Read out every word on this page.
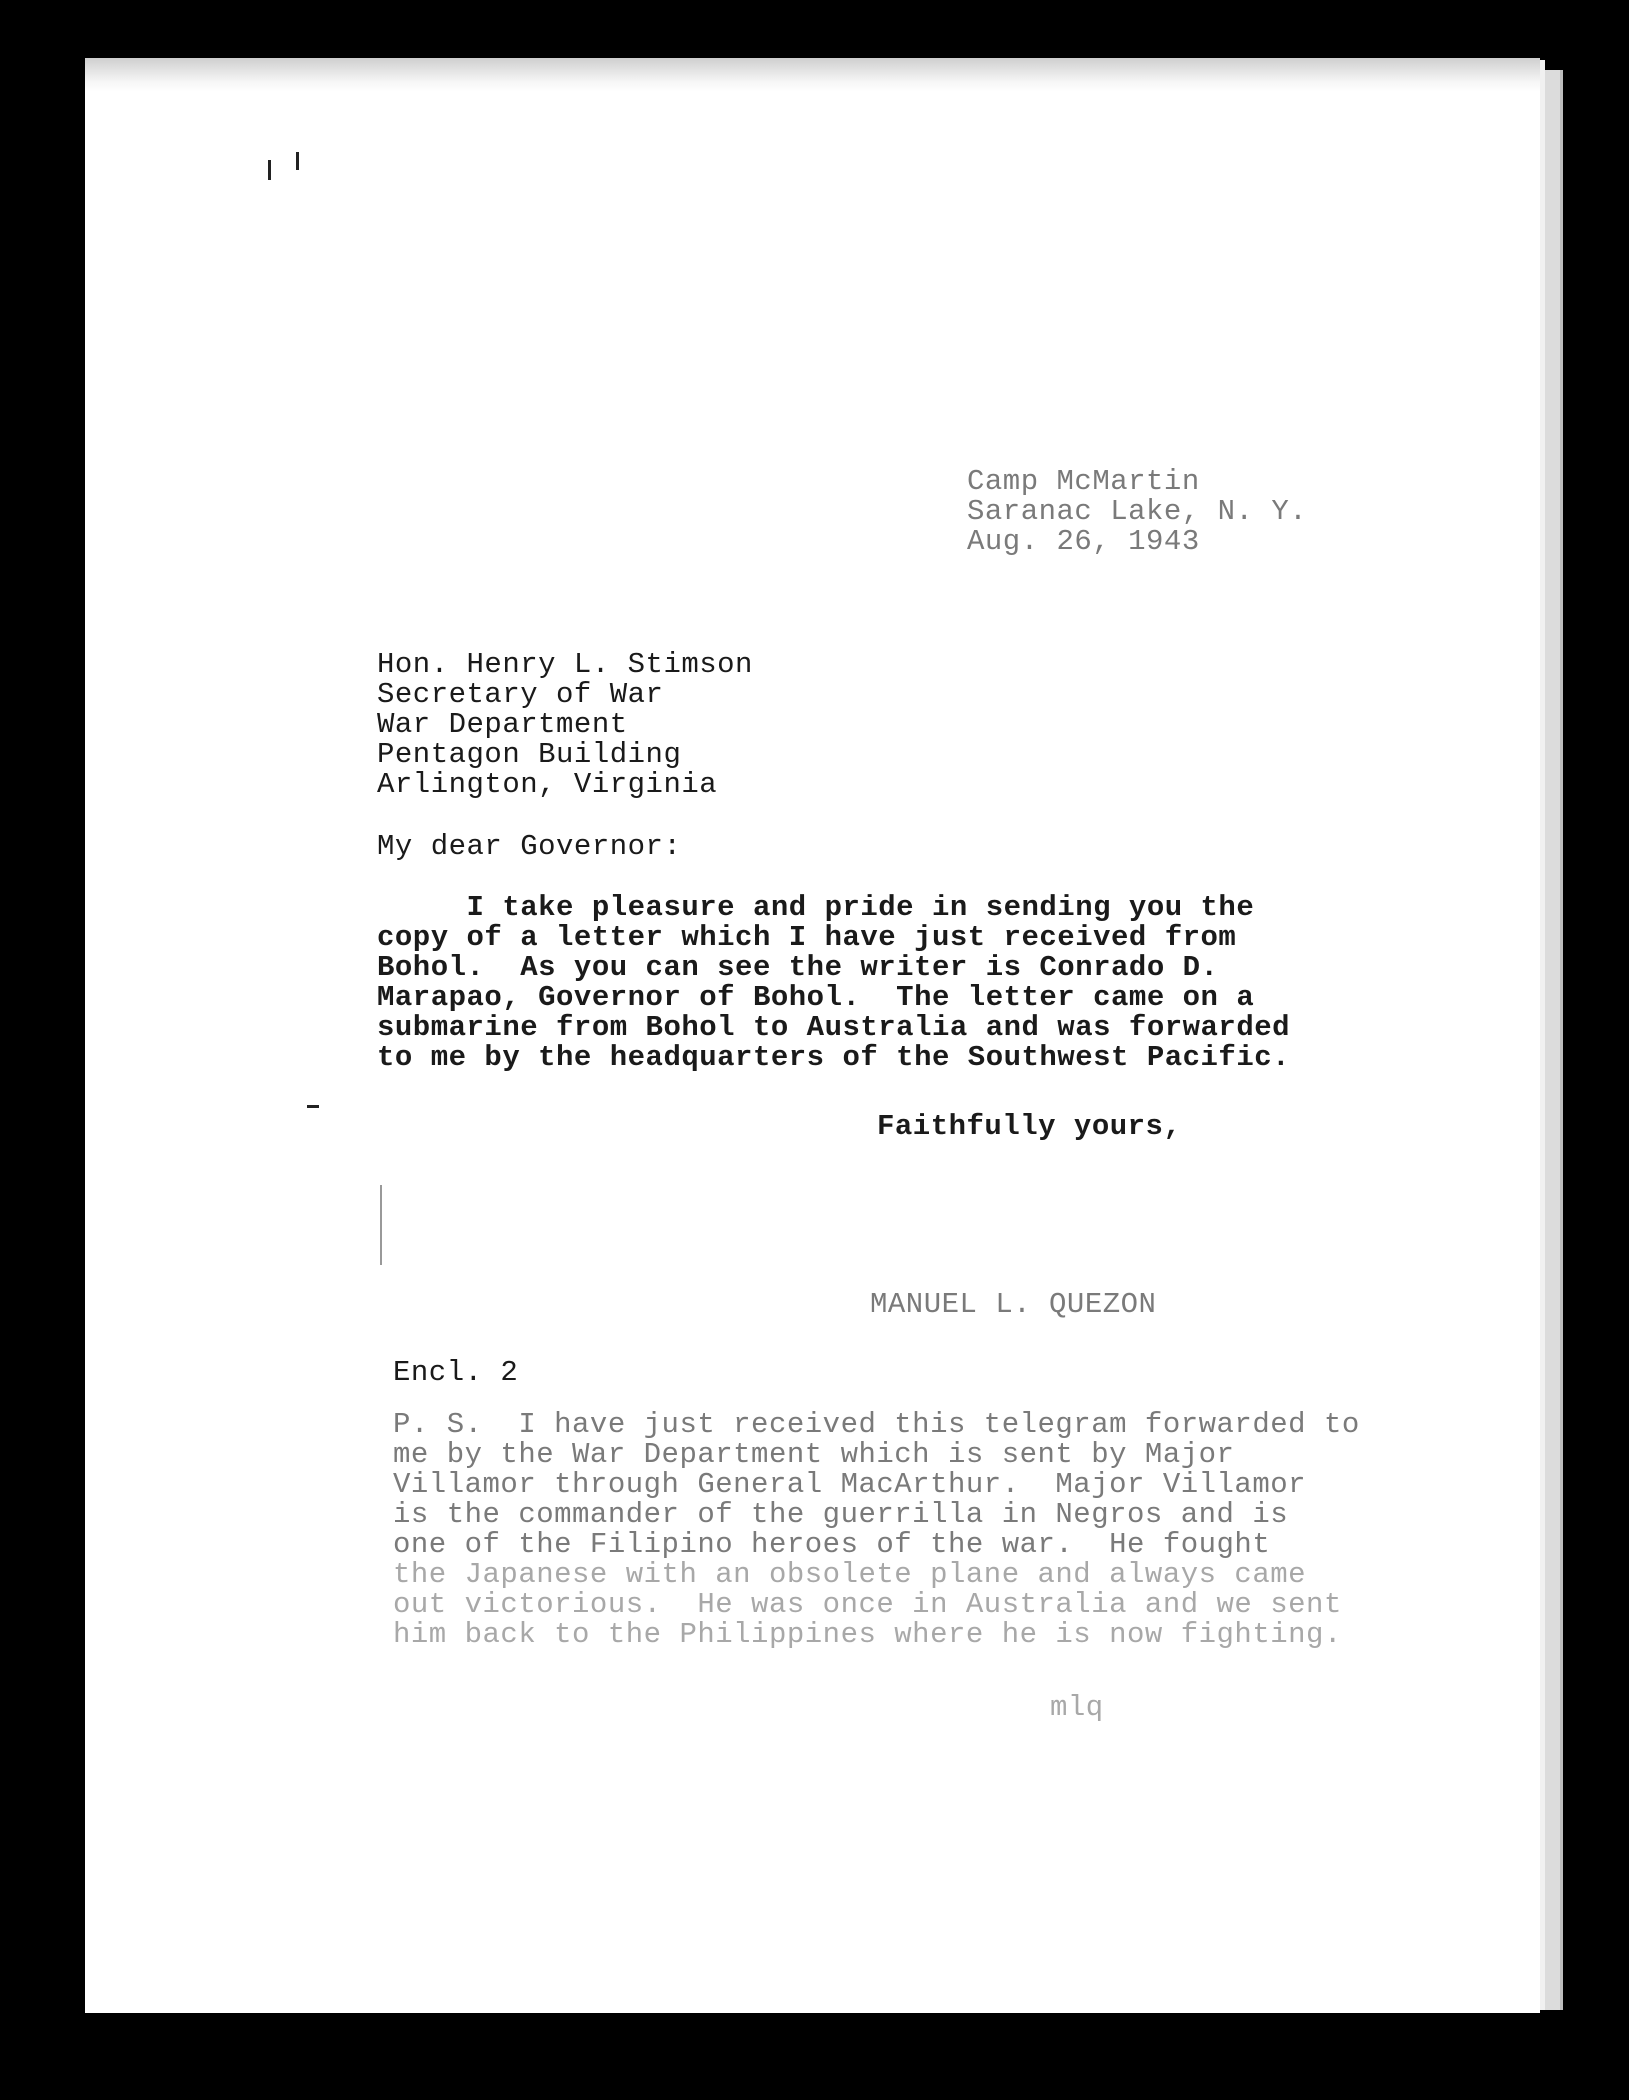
Camp McMartin
Saranac Lake, N. Y.
Aug. 26, 1943
Hon. Henry L. Stimson
Secretary of War
War Department
Pentagon Building
Arlington, Virginia
My dear Governor:
I take pleasure and pride in sending you the
copy of a letter which I have just received from
Bohol.  As you can see the writer is Conrado D.
Marapao, Governor of Bohol.  The letter came on a
submarine from Bohol to Australia and was forwarded
to me by the headquarters of the Southwest Pacific.
Faithfully yours,
MANUEL L. QUEZON
Encl. 2
P. S.  I have just received this telegram forwarded to
me by the War Department which is sent by Major
Villamor through General MacArthur.  Major Villamor
is the commander of the guerrilla in Negros and is
one of the Filipino heroes of the war.  He fought
the Japanese with an obsolete plane and always came
out victorious.  He was once in Australia and we sent
him back to the Philippines where he is now fighting.
mlq
